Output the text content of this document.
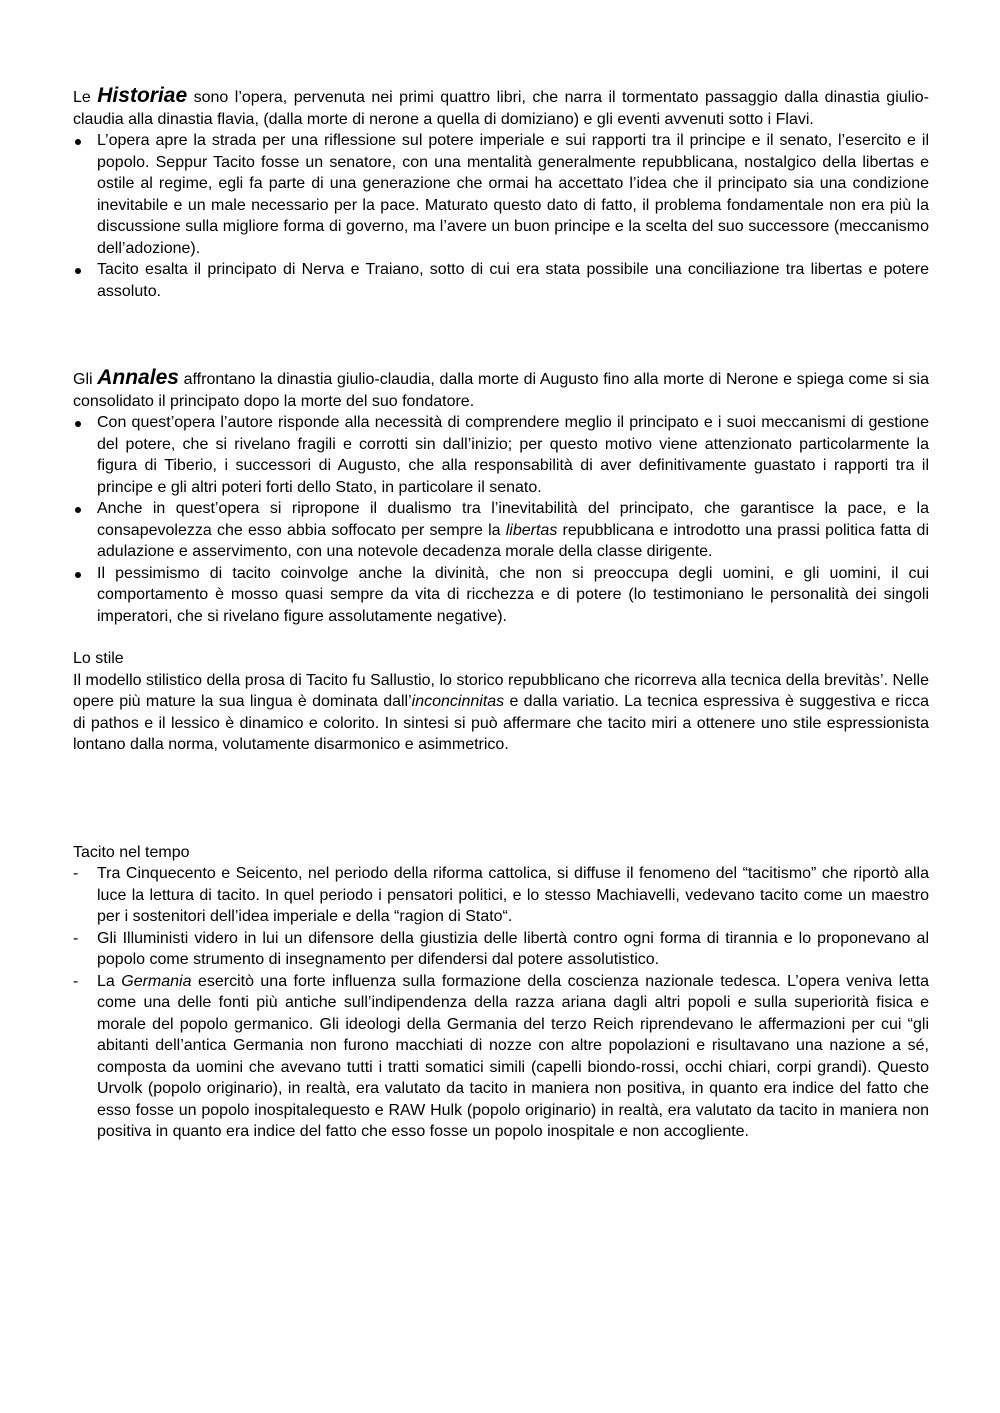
Le Historiae sono l’opera, pervenuta nei primi quattro libri, che narra il tormentato passaggio dalla dinastia giulio-claudia alla dinastia flavia, (dalla morte di nerone a quella di domiziano) e gli eventi avvenuti sotto i Flavi.

L’opera apre la strada per una riflessione sul potere imperiale e sui rapporti tra il principe e il senato, l’esercito e il popolo. Seppur Tacito fosse un senatore, con una mentalità generalmente repubblicana, nostalgico della libertas e ostile al regime, egli fa parte di una generazione che ormai ha accettato l’idea che il principato sia una condizione inevitabile e un male necessario per la pace. Maturato questo dato di fatto, il problema fondamentale non era più la discussione sulla migliore forma di governo, ma l’avere un buon principe e la scelta del suo successore (meccanismo dell’adozione).
Tacito esalta il principato di Nerva e Traiano, sotto di cui era stata possibile una conciliazione tra libertas e potere assoluto.

Gli Annales affrontano la dinastia giulio-claudia, dalla morte di Augusto fino alla morte di Nerone e spiega come si sia consolidato il principato dopo la morte del suo fondatore.

Con quest’opera l’autore risponde alla necessità di comprendere meglio il principato e i suoi meccanismi di gestione del potere, che si rivelano fragili e corrotti sin dall’inizio; per questo motivo viene attenzionato particolarmente la figura di Tiberio, i successori di Augusto, che alla responsabilità di aver definitivamente guastato i rapporti tra il principe e gli altri poteri forti dello Stato, in particolare il senato.
Anche in quest’opera si ripropone il dualismo tra l’inevitabilità del principato, che garantisce la pace, e la consapevolezza che esso abbia soffocato per sempre la libertas repubblicana e introdotto una prassi politica fatta di adulazione e asservimento, con una notevole decadenza morale della classe dirigente.
Il pessimismo di tacito coinvolge anche la divinità, che non si preoccupa degli uomini, e gli uomini, il cui comportamento è mosso quasi sempre da vita di ricchezza e di potere (lo testimoniano le personalità dei singoli imperatori, che si rivelano figure assolutamente negative).

Lo stile

Il modello stilistico della prosa di Tacito fu Sallustio, lo storico repubblicano che ricorreva alla tecnica della brevitàs’. Nelle opere più mature la sua lingua è dominata dall’inconcinnitas e dalla variatio. La tecnica espressiva è suggestiva e ricca di pathos e il lessico è dinamico e colorito. In sintesi si può affermare che tacito miri a ottenere uno stile espressionista lontano dalla norma, volutamente disarmonico e asimmetrico.

Tacito nel tempo

- Tra Cinquecento e Seicento, nel periodo della riforma cattolica, si diffuse il fenomeno del “tacitismo” che riportò alla luce la lettura di tacito. In quel periodo i pensatori politici, e lo stesso Machiavelli, vedevano tacito come un maestro per i sostenitori dell’idea imperiale e della “ragion di Stato“.
- Gli Illuministi videro in lui un difensore della giustizia delle libertà contro ogni forma di tirannia e lo proponevano al popolo come strumento di insegnamento per difendersi dal potere assolutistico.
- La Germania esercitò una forte influenza sulla formazione della coscienza nazionale tedesca. L’opera veniva letta come una delle fonti più antiche sull’indipendenza della razza ariana dagli altri popoli e sulla superiorità fisica e morale del popolo germanico. Gli ideologi della Germania del terzo Reich riprendevano le affermazioni per cui “gli abitanti dell’antica Germania non furono macchiati di nozze con altre popolazioni e risultavano una nazione a sé, composta da uomini che avevano tutti i tratti somatici simili (capelli biondo-rossi, occhi chiari, corpi grandi). Questo Urvolk (popolo originario), in realtà, era valutato da tacito in maniera non positiva, in quanto era indice del fatto che esso fosse un popolo inospitalequesto e RAW Hulk (popolo originario) in realtà, era valutato da tacito in maniera non positiva in quanto era indice del fatto che esso fosse un popolo inospitale e non accogliente.
